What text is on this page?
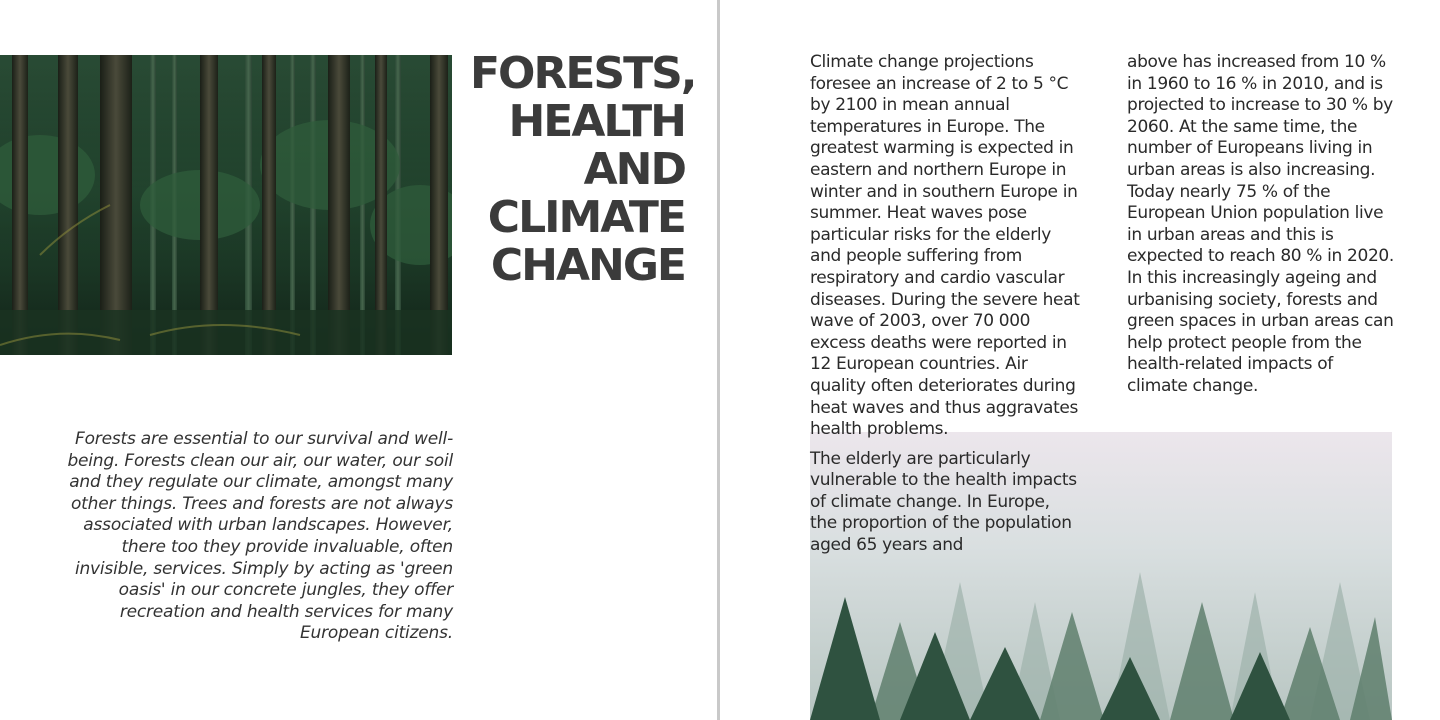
FORESTS,
HEALTH
AND
CLIMATE
CHANGE

Forests are essential to our survival and well-being. Forests clean our air, our water, our soil and they regulate our climate, amongst many other things. Trees and forests are not always associated with urban landscapes. However, there too they provide invaluable, often invisible, services. Simply by acting as 'green oasis' in our concrete jungles, they offer recreation and health services for many European citizens.

Climate change projections foresee an increase of 2 to 5 °C by 2100 in mean annual temperatures in Europe. The greatest warming is expected in eastern and northern Europe in winter and in southern Europe in summer. Heat waves pose particular risks for the elderly and people suffering from respiratory and cardio vascular diseases. During the severe heat wave of 2003, over 70 000 excess deaths were reported in 12 European countries. Air quality often deteriorates during heat waves and thus aggravates health problems.

The elderly are particularly vulnerable to the health impacts of climate change. In Europe, the proportion of the population aged 65 years and

above has increased from 10 % in 1960 to 16 % in 2010, and is projected to increase to 30 % by 2060. At the same time, the number of Europeans living in urban areas is also increasing. Today nearly 75 % of the European Union population live in urban areas and this is expected to reach 80 % in 2020. In this increasingly ageing and urbanising society, forests and green spaces in urban areas can help protect people from the health-related impacts of climate change.
